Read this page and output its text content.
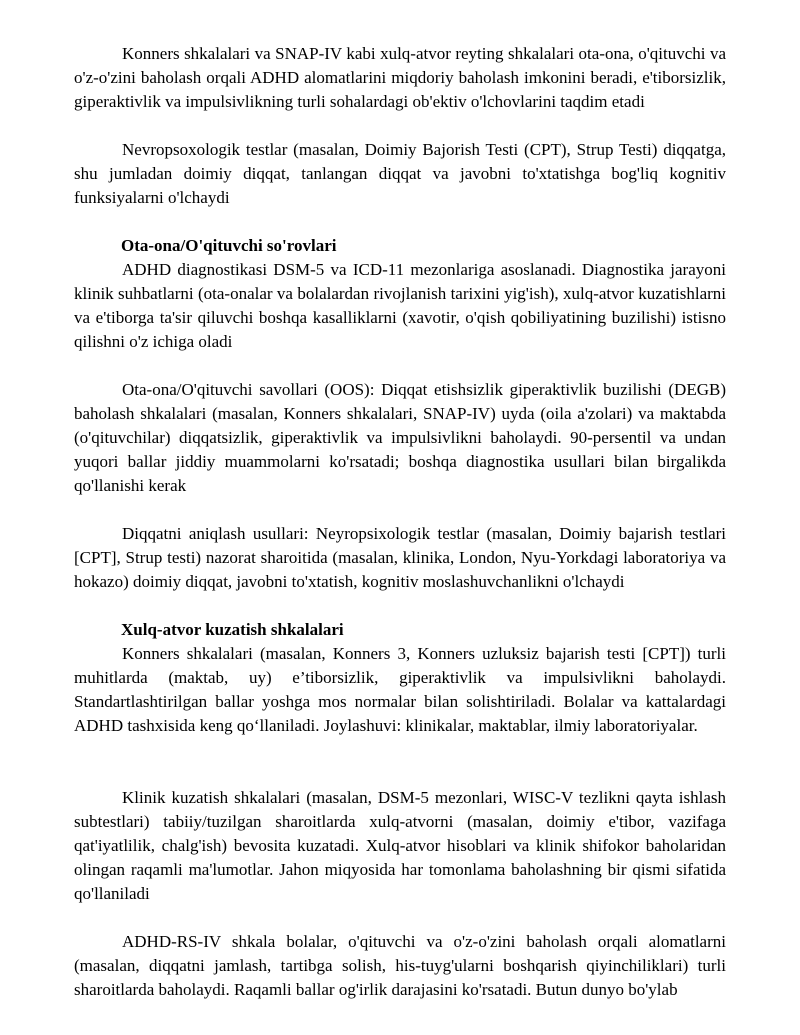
Konners shkalalari va SNAP-IV kabi xulq-atvor reyting shkalalari ota-ona, o'qituvchi va o'z-o'zini baholash orqali ADHD alomatlarini miqdoriy baholash imkonini beradi, e'tiborsizlik, giperaktivlik va impulsivlikning turli sohalardagi ob'ektiv o'lchovlarini taqdim etadi

Nevropsoxologik testlar (masalan, Doimiy Bajorish Testi (CPT), Strup Testi) diqqatga, shu jumladan doimiy diqqat, tanlangan diqqat va javobni to'xtatishga bog'liq kognitiv funksiyalarni o'lchaydi

Ota-ona/O'qituvchi so'rovlari

ADHD diagnostikasi DSM-5 va ICD-11 mezonlariga asoslanadi. Diagnostika jarayoni klinik suhbatlarni (ota-onalar va bolalardan rivojlanish tarixini yig'ish), xulq-atvor kuzatishlarni va e'tiborga ta'sir qiluvchi boshqa kasalliklarni (xavotir, o'qish qobiliyatining buzilishi) istisno qilishni o'z ichiga oladi

Ota-ona/O'qituvchi savollari (OOS): Diqqat etishsizlik giperaktivlik buzilishi (DEGB) baholash shkalalari (masalan, Konners shkalalari, SNAP-IV) uyda (oila a'zolari) va maktabda (o'qituvchilar) diqqatsizlik, giperaktivlik va impulsivlikni baholaydi. 90-persentil va undan yuqori ballar jiddiy muammolarni ko'rsatadi; boshqa diagnostika usullari bilan birgalikda qo'llanishi kerak

Diqqatni aniqlash usullari: Neyropsixologik testlar (masalan, Doimiy bajarish testlari [CPT], Strup testi) nazorat sharoitida (masalan, klinika, London, Nyu-Yorkdagi laboratoriya va hokazo) doimiy diqqat, javobni to'xtatish, kognitiv moslashuvchanlikni o'lchaydi

Xulq-atvor kuzatish shkalalari

Konners shkalalari (masalan, Konners 3, Konners uzluksiz bajarish testi [CPT]) turli muhitlarda (maktab, uy) e’tiborsizlik, giperaktivlik va impulsivlikni baholaydi. Standartlashtirilgan ballar yoshga mos normalar bilan solishtiriladi. Bolalar va kattalardagi ADHD tashxisida keng qo‘llaniladi. Joylashuvi: klinikalar, maktablar, ilmiy laboratoriyalar.

Klinik kuzatish shkalalari (masalan, DSM-5 mezonlari, WISC-V tezlikni qayta ishlash subtestlari) tabiiy/tuzilgan sharoitlarda xulq-atvorni (masalan, doimiy e'tibor, vazifaga qat'iyatlilik, chalg'ish) bevosita kuzatadi. Xulq-atvor hisoblari va klinik shifokor baholaridan olingan raqamli ma'lumotlar. Jahon miqyosida har tomonlama baholashning bir qismi sifatida qo'llaniladi

ADHD-RS-IV shkala bolalar, o'qituvchi va o'z-o'zini baholash orqali alomatlarni (masalan, diqqatni jamlash, tartibga solish, his-tuyg'ularni boshqarish qiyinchiliklari) turli sharoitlarda baholaydi. Raqamli ballar og'irlik darajasini ko'rsatadi. Butun dunyo bo'ylab
